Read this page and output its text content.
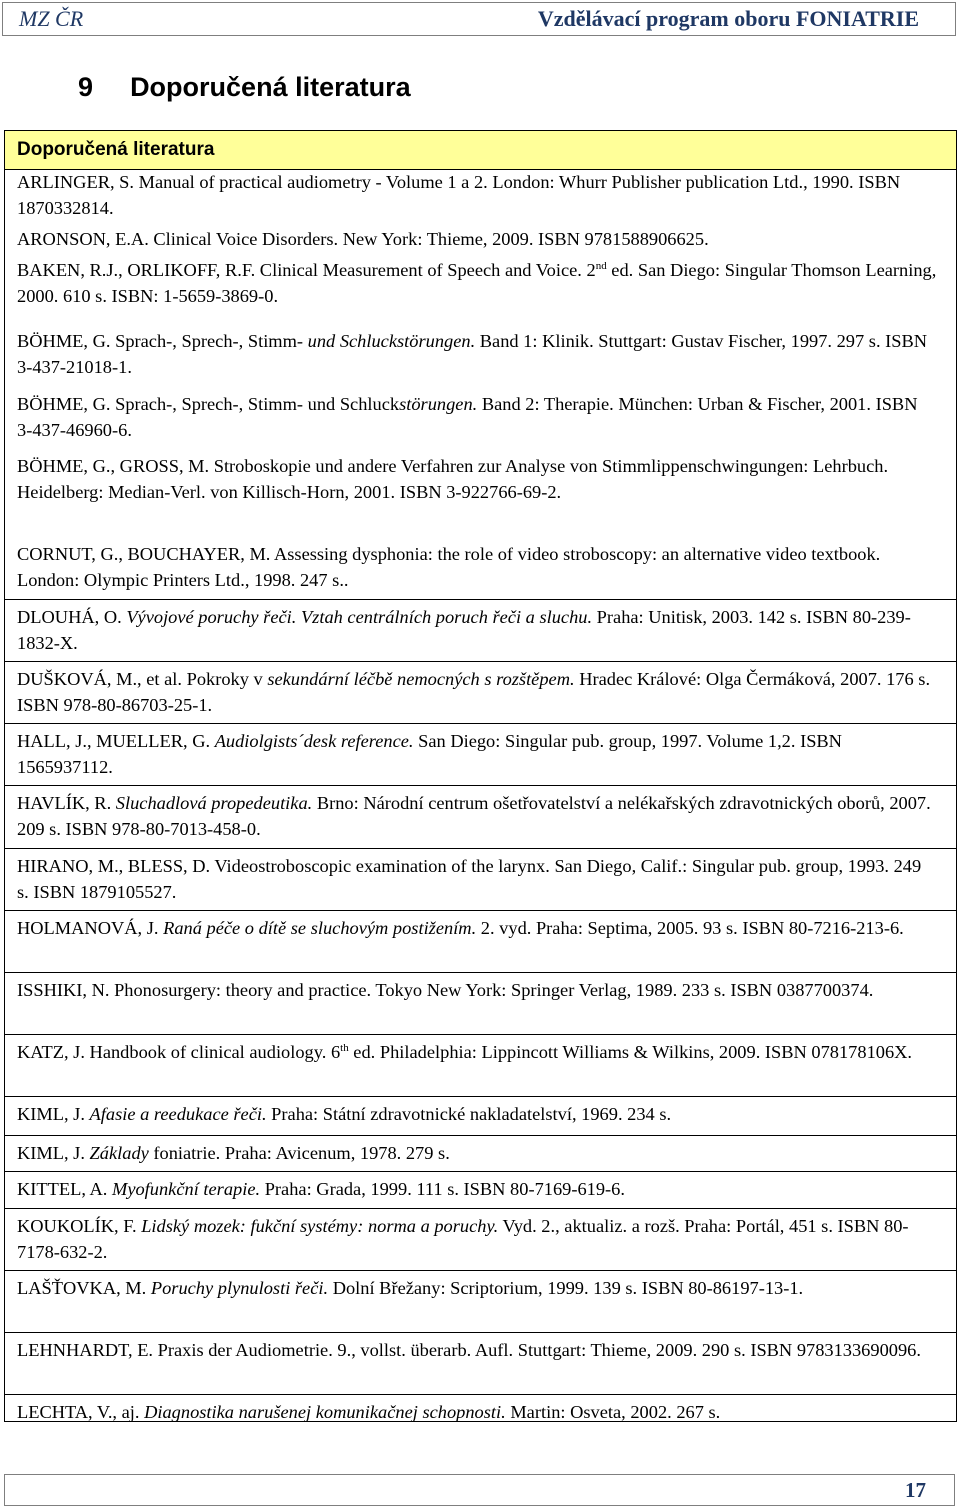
MZ ČR	Vzdělávací program oboru FONIATRIE
9 Doporučená literatura
Doporučená literatura
ARLINGER, S. Manual of practical audiometry - Volume 1 a 2. London: Whurr Publisher publication Ltd., 1990. ISBN 1870332814.
ARONSON, E.A. Clinical Voice Disorders. New York: Thieme, 2009. ISBN 9781588906625.
BAKEN, R.J., ORLIKOFF, R.F. Clinical Measurement of Speech and Voice. 2nd ed. San Diego: Singular Thomson Learning, 2000. 610 s. ISBN: 1-5659-3869-0.
BÖHME, G. Sprach-, Sprech-, Stimm- und Schluckstörungen. Band 1: Klinik. Stuttgart: Gustav Fischer, 1997. 297 s. ISBN 3-437-21018-1.
BÖHME, G. Sprach-, Sprech-, Stimm- und Schluckstörungen. Band 2: Therapie. München: Urban & Fischer, 2001. ISBN 3-437-46960-6.
BÖHME, G., GROSS, M. Stroboskopie und andere Verfahren zur Analyse von Stimmlippenschwingungen: Lehrbuch. Heidelberg: Median-Verl. von Killisch-Horn, 2001. ISBN 3-922766-69-2.
CORNUT, G., BOUCHAYER, M. Assessing dysphonia: the role of video stroboscopy: an alternative video textbook. London: Olympic Printers Ltd., 1998. 247 s..
DLOUHÁ, O. Vývojové poruchy řeči. Vztah centrálních poruch řeči a sluchu. Praha: Unitisk, 2003. 142 s. ISBN 80-239-1832-X.
DUŠKOVÁ, M., et al. Pokroky v sekundární léčbě nemocných s rozštěpem. Hradec Králové: Olga Čermáková, 2007. 176 s. ISBN 978-80-86703-25-1.
HALL, J., MUELLER, G. Audiolgists´desk reference. San Diego: Singular pub. group, 1997. Volume 1,2. ISBN 1565937112.
HAVLÍK, R. Sluchadlová propedeutika. Brno: Národní centrum ošetřovatelství a nelékařských zdravotnických oborů, 2007. 209 s. ISBN 978-80-7013-458-0.
HIRANO, M., BLESS, D. Videostroboscopic examination of the larynx. San Diego, Calif.: Singular pub. group, 1993. 249 s. ISBN 1879105527.
HOLMANOVÁ, J. Raná péče o dítě se sluchovým postižením. 2. vyd. Praha: Septima, 2005. 93 s. ISBN 80-7216-213-6.
ISSHIKI, N. Phonosurgery: theory and practice. Tokyo New York: Springer Verlag, 1989. 233 s. ISBN 0387700374.
KATZ, J. Handbook of clinical audiology. 6th ed. Philadelphia: Lippincott Williams & Wilkins, 2009. ISBN 078178106X.
KIML, J. Afasie a reedukace řeči. Praha: Státní zdravotnické nakladatelství, 1969. 234 s.
KIML, J. Základy foniatrie. Praha: Avicenum, 1978. 279 s.
KITTEL, A. Myofunkční terapie. Praha: Grada, 1999. 111 s. ISBN 80-7169-619-6.
KOUKOLÍK, F. Lidský mozek: fukční systémy: norma a poruchy. Vyd. 2., aktualiz. a rozš. Praha: Portál, 451 s. ISBN 80-7178-632-2.
LAŠŤOVKA, M. Poruchy plynulosti řeči. Dolní Břežany: Scriptorium, 1999. 139 s. ISBN 80-86197-13-1.
LEHNHARDT, E. Praxis der Audiometrie. 9., vollst. überarb. Aufl. Stuttgart: Thieme, 2009. 290 s. ISBN 9783133690096.
LECHTA, V., aj. Diagnostika narušenej komunikačnej schopnosti. Martin: Osveta, 2002. 267 s.
17
